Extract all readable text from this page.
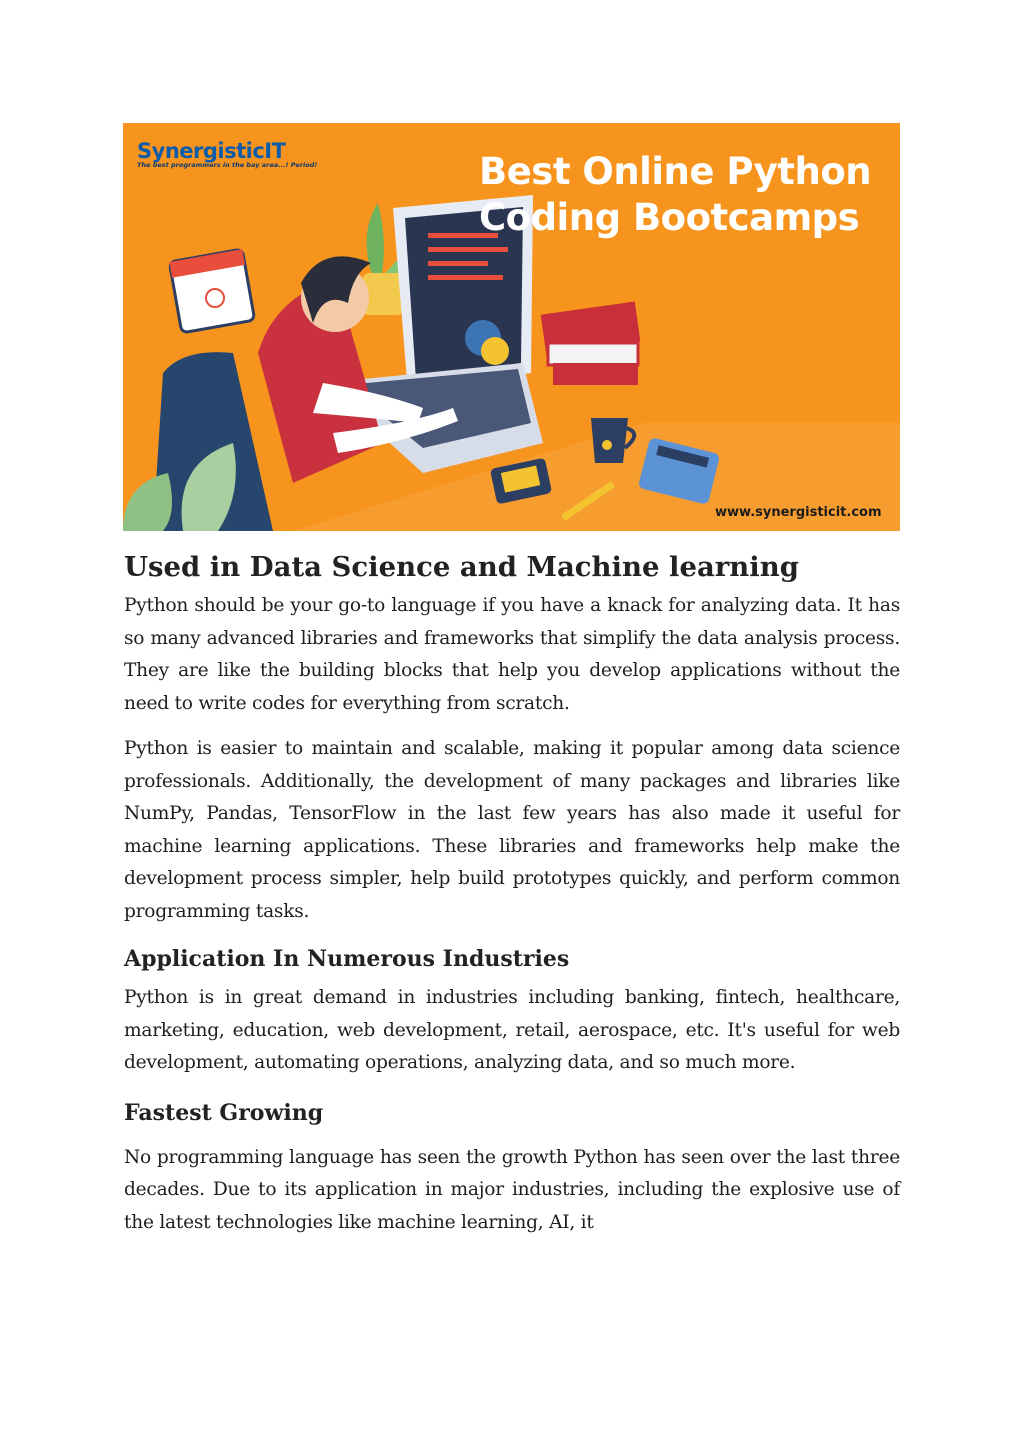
SynergisticIT
The best programmers in the bay area...! Period!	Best Online Python
Coding Bootcamps
www.synergisticit.com
Used in Data Science and Machine learning

Python should be your go-to language if you have a knack for analyzing data. It has so many advanced libraries and frameworks that simplify the data analysis process. They are like the building blocks that help you develop applications without the need to write codes for everything from scratch.

Python is easier to maintain and scalable, making it popular among data science professionals. Additionally, the development of many packages and libraries like NumPy, Pandas, TensorFlow in the last few years has also made it useful for machine learning applications. These libraries and frameworks help make the development process simpler, help build prototypes quickly, and perform common programming tasks.

Application In Numerous Industries

Python is in great demand in industries including banking, fintech, healthcare, marketing, education, web development, retail, aerospace, etc. It's useful for web development, automating operations, analyzing data, and so much more.

Fastest Growing

No programming language has seen the growth Python has seen over the last three decades. Due to its application in major industries, including the explosive use of the latest technologies like machine learning, AI, it
